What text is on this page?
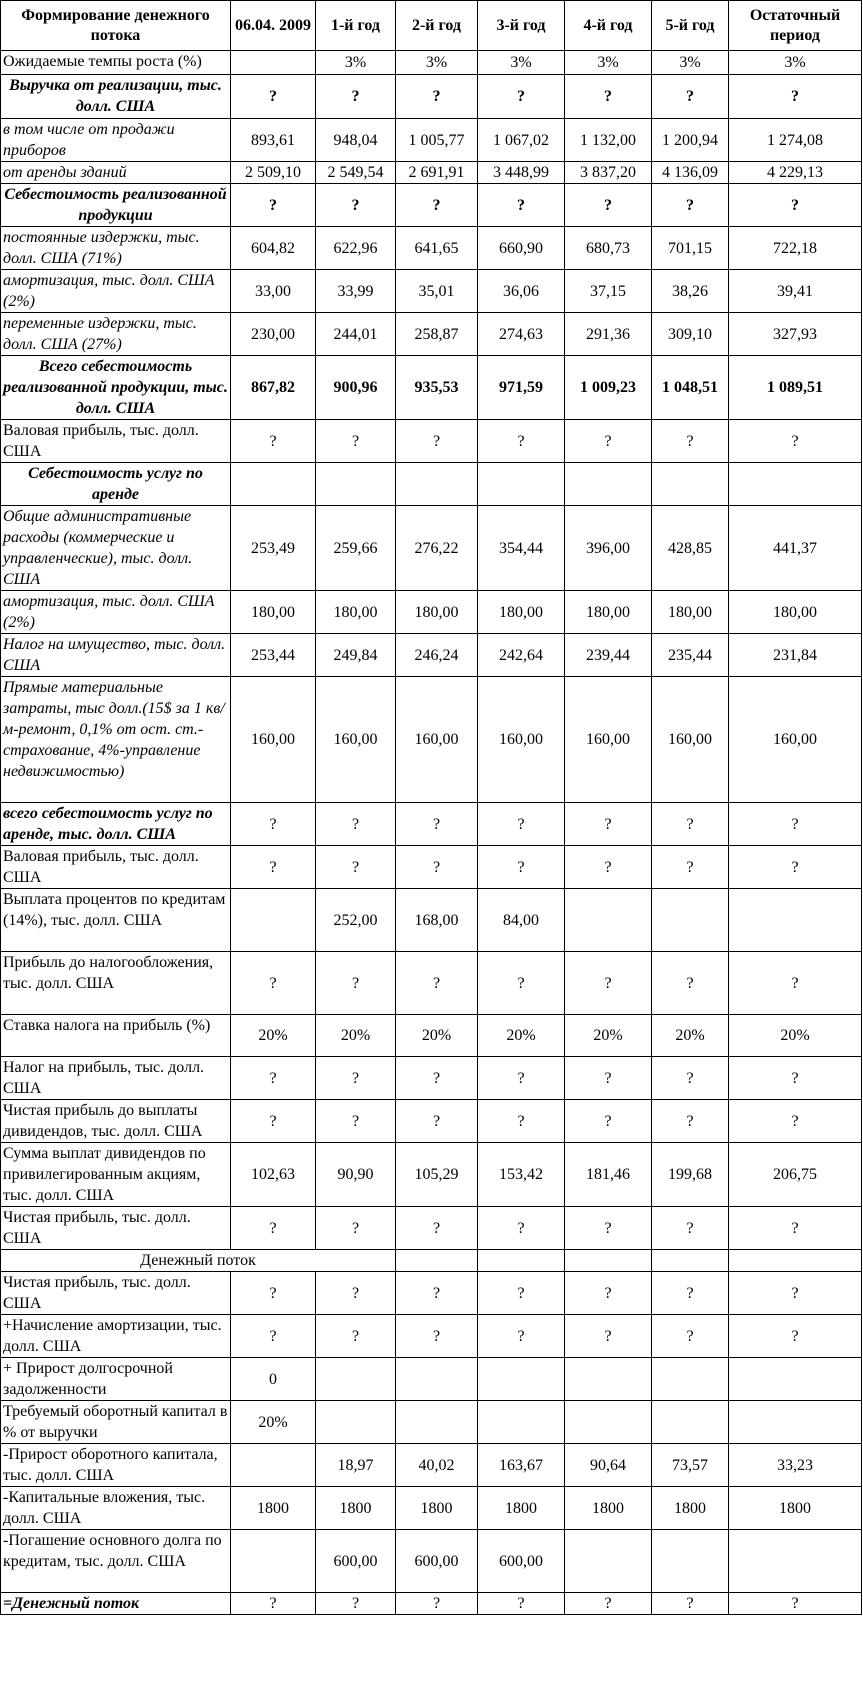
Формирование денежного потока	06.04. 2009	1-й год	2-й год	3-й год	4-й год	5-й год	Остаточный период
Ожидаемые темпы роста (%)		3%	3%	3%	3%	3%	3%
Выручка от реализации, тыс. долл. США	?	?	?	?	?	?	?
в том числе от продажи приборов	893,61	948,04	1 005,77	1 067,02	1 132,00	1 200,94	1 274,08
от аренды зданий	2 509,10	2 549,54	2 691,91	3 448,99	3 837,20	4 136,09	4 229,13
Себестоимость реализованной продукции	?	?	?	?	?	?	?
постоянные издержки, тыс. долл. США (71%)	604,82	622,96	641,65	660,90	680,73	701,15	722,18
амортизация, тыс. долл. США (2%)	33,00	33,99	35,01	36,06	37,15	38,26	39,41
переменные издержки, тыс. долл. США (27%)	230,00	244,01	258,87	274,63	291,36	309,10	327,93
Всего себестоимость реализованной продукции, тыс. долл. США	867,82	900,96	935,53	971,59	1 009,23	1 048,51	1 089,51
Валовая прибыль, тыс. долл. США	?	?	?	?	?	?	?
Себестоимость услуг по аренде							
Общие административные расходы (коммерческие и управленческие), тыс. долл. США	253,49	259,66	276,22	354,44	396,00	428,85	441,37
амортизация, тыс. долл. США (2%)	180,00	180,00	180,00	180,00	180,00	180,00	180,00
Налог на имущество, тыс. долл. США	253,44	249,84	246,24	242,64	239,44	235,44	231,84
Прямые материальные затраты, тыс долл.(15$ за 1 кв/м-ремонт, 0,1% от ост. ст.-страхование, 4%-управление недвижимостью)	160,00	160,00	160,00	160,00	160,00	160,00	160,00
всего себестоимость услуг по аренде, тыс. долл. США	?	?	?	?	?	?	?
Валовая прибыль, тыс. долл. США	?	?	?	?	?	?	?
Выплата процентов по кредитам (14%), тыс. долл. США		252,00	168,00	84,00			
Прибыль до налогообложения, тыс. долл. США	?	?	?	?	?	?	?
Ставка налога на прибыль (%)	20%	20%	20%	20%	20%	20%	20%
Налог на прибыль, тыс. долл. США	?	?	?	?	?	?	?
Чистая прибыль до выплаты дивидендов, тыс. долл. США	?	?	?	?	?	?	?
Сумма выплат дивидендов по привилегированным акциям, тыс. долл. США	102,63	90,90	105,29	153,42	181,46	199,68	206,75
Чистая прибыль, тыс. долл. США	?	?	?	?	?	?	?
Денежный поток							
Чистая прибыль, тыс. долл. США	?	?	?	?	?	?	?
+Начисление амортизации, тыс. долл. США	?	?	?	?	?	?	?
+ Прирост долгосрочной задолженности	0						
Требуемый оборотный капитал в % от выручки	20%						
-Прирост оборотного капитала, тыс. долл. США		18,97	40,02	163,67	90,64	73,57	33,23
-Капитальные вложения, тыс. долл. США	1800	1800	1800	1800	1800	1800	1800
-Погашение основного долга по кредитам, тыс. долл. США		600,00	600,00	600,00			
=Денежный поток	?	?	?	?	?	?	?
